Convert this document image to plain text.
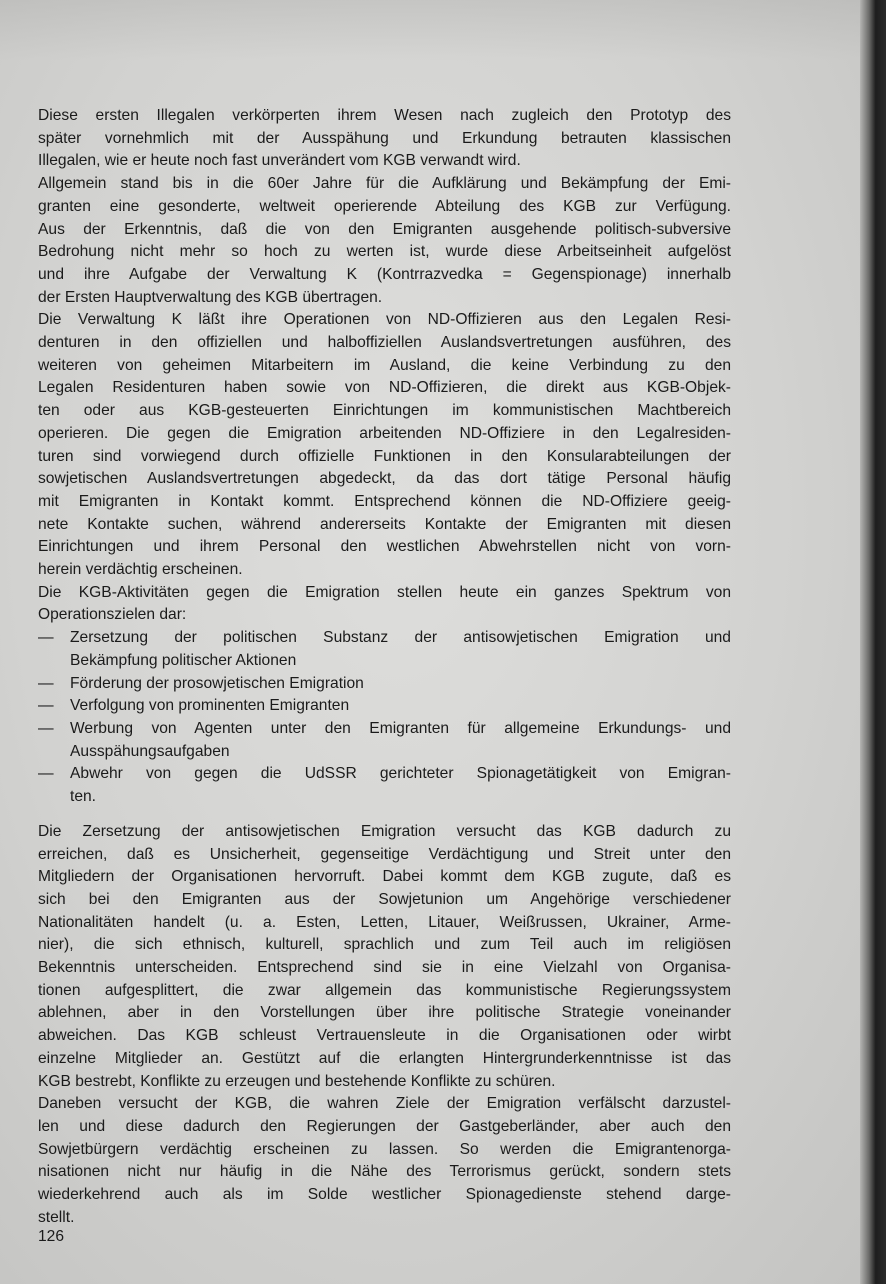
Diese ersten Illegalen verkörperten ihrem Wesen nach zugleich den Prototyp des

später vornehmlich mit der Ausspähung und Erkundung betrauten klassischen

Illegalen, wie er heute noch fast unverändert vom KGB verwandt wird.

Allgemein stand bis in die 60er Jahre für die Aufklärung und Bekämpfung der Emi-

granten eine gesonderte, weltweit operierende Abteilung des KGB zur Verfügung.

Aus der Erkenntnis, daß die von den Emigranten ausgehende politisch-subversive

Bedrohung nicht mehr so hoch zu werten ist, wurde diese Arbeitseinheit aufgelöst

und ihre Aufgabe der Verwaltung K (Kontrrazvedka = Gegenspionage) innerhalb

der Ersten Hauptverwaltung des KGB übertragen.

Die Verwaltung K läßt ihre Operationen von ND-Offizieren aus den Legalen Resi-

denturen in den offiziellen und halboffiziellen Auslandsvertretungen ausführen, des

weiteren von geheimen Mitarbeitern im Ausland, die keine Verbindung zu den

Legalen Residenturen haben sowie von ND-Offizieren, die direkt aus KGB-Objek-

ten oder aus KGB-gesteuerten Einrichtungen im kommunistischen Machtbereich

operieren. Die gegen die Emigration arbeitenden ND-Offiziere in den Legalresiden-

turen sind vorwiegend durch offizielle Funktionen in den Konsularabteilungen der

sowjetischen Auslandsvertretungen abgedeckt, da das dort tätige Personal häufig

mit Emigranten in Kontakt kommt. Entsprechend können die ND-Offiziere geeig-

nete Kontakte suchen, während andererseits Kontakte der Emigranten mit diesen

Einrichtungen und ihrem Personal den westlichen Abwehrstellen nicht von vorn-

herein verdächtig erscheinen.

Die KGB-Aktivitäten gegen die Emigration stellen heute ein ganzes Spektrum von

Operationszielen dar:

— Zersetzung der politischen Substanz der antisowjetischen Emigration und
Bekämpfung politischer Aktionen
— Förderung der prosowjetischen Emigration
— Verfolgung von prominenten Emigranten
— Werbung von Agenten unter den Emigranten für allgemeine Erkundungs- und
Ausspähungsaufgaben
— Abwehr von gegen die UdSSR gerichteter Spionagetätigkeit von Emigran-
ten.

Die Zersetzung der antisowjetischen Emigration versucht das KGB dadurch zu

erreichen, daß es Unsicherheit, gegenseitige Verdächtigung und Streit unter den

Mitgliedern der Organisationen hervorruft. Dabei kommt dem KGB zugute, daß es

sich bei den Emigranten aus der Sowjetunion um Angehörige verschiedener

Nationalitäten handelt (u. a. Esten, Letten, Litauer, Weißrussen, Ukrainer, Arme-

nier), die sich ethnisch, kulturell, sprachlich und zum Teil auch im religiösen

Bekenntnis unterscheiden. Entsprechend sind sie in eine Vielzahl von Organisa-

tionen aufgesplittert, die zwar allgemein das kommunistische Regierungssystem

ablehnen, aber in den Vorstellungen über ihre politische Strategie voneinander

abweichen. Das KGB schleust Vertrauensleute in die Organisationen oder wirbt

einzelne Mitglieder an. Gestützt auf die erlangten Hintergrunderkenntnisse ist das

KGB bestrebt, Konflikte zu erzeugen und bestehende Konflikte zu schüren.

Daneben versucht der KGB, die wahren Ziele der Emigration verfälscht darzustel-

len und diese dadurch den Regierungen der Gastgeberländer, aber auch den

Sowjetbürgern verdächtig erscheinen zu lassen. So werden die Emigrantenorga-

nisationen nicht nur häufig in die Nähe des Terrorismus gerückt, sondern stets

wiederkehrend auch als im Solde westlicher Spionagedienste stehend darge-

stellt.

126
